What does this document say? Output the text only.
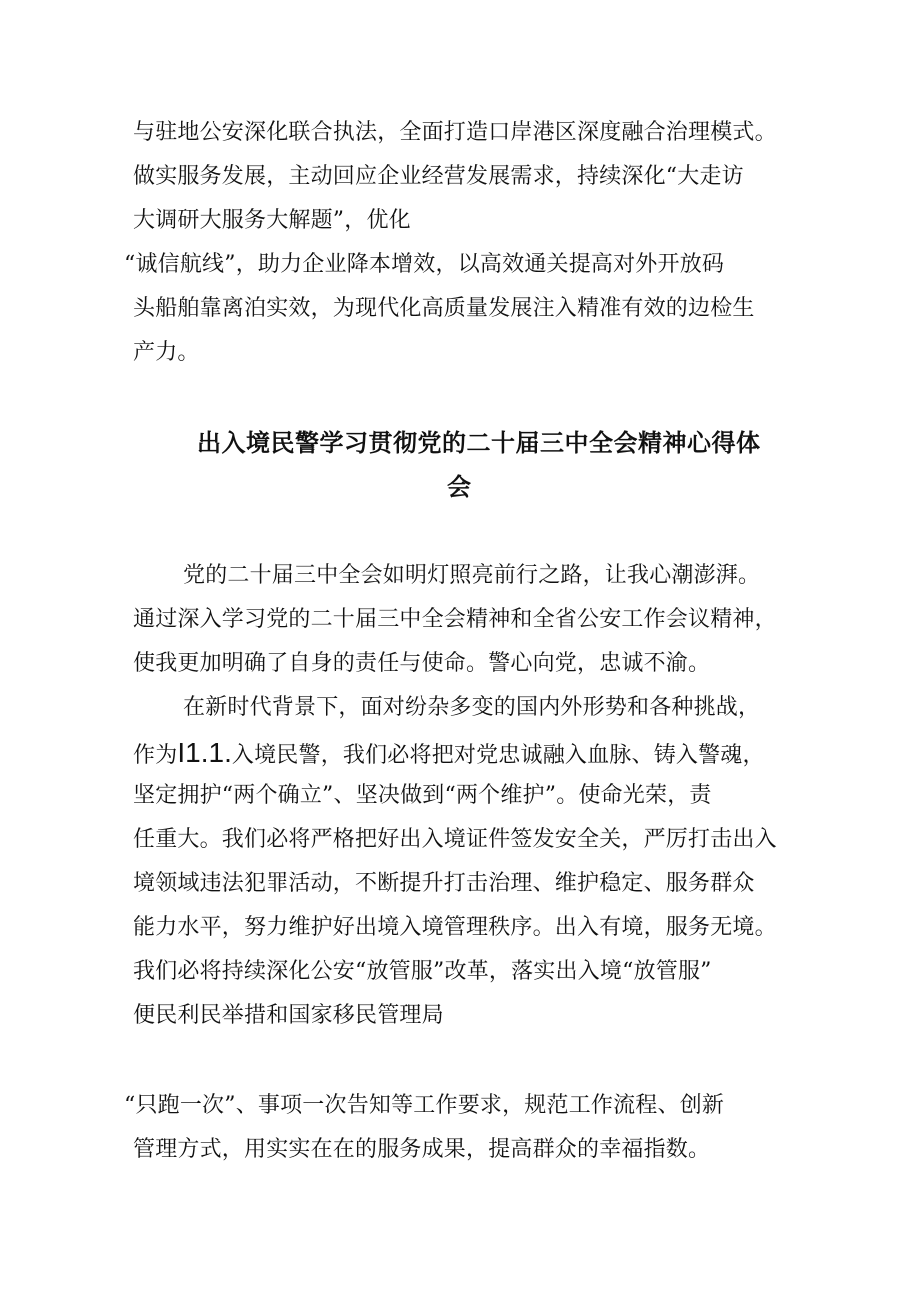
与驻地公安深化联合执法，全面打造口岸港区深度融合治理模式。
做实服务发展，主动回应企业经营发展需求，持续深化“大走访
大调研大服务大解题”，优化
“诚信航线”，助力企业降本增效，以高效通关提高对外开放码
头船舶靠离泊实效，为现代化高质量发展注入精准有效的边检生
产力。
出入境民警学习贯彻党的二十届三中全会精神心得体
会
党的二十届三中全会如明灯照亮前行之路，让我心潮澎湃。
通过深入学习党的二十届三中全会精神和全省公安工作会议精神，
使我更加明确了自身的责任与使命。警心向党，忠诚不渝。
在新时代背景下，面对纷杂多变的国内外形势和各种挑战，
作为I1.1.入境民警，我们必将把对党忠诚融入血脉、铸入警魂，
坚定拥护“两个确立”、坚决做到“两个维护”。使命光荣，责
任重大。我们必将严格把好出入境证件签发安全关，严厉打击出入
境领域违法犯罪活动，不断提升打击治理、维护稳定、服务群众
能力水平，努力维护好出境入境管理秩序。出入有境，服务无境。
我们必将持续深化公安“放管服”改革，落实出入境“放管服”
便民利民举措和国家移民管理局
“只跑一次”、事项一次告知等工作要求，规范工作流程、创新
管理方式，用实实在在的服务成果，提高群众的幸福指数。
